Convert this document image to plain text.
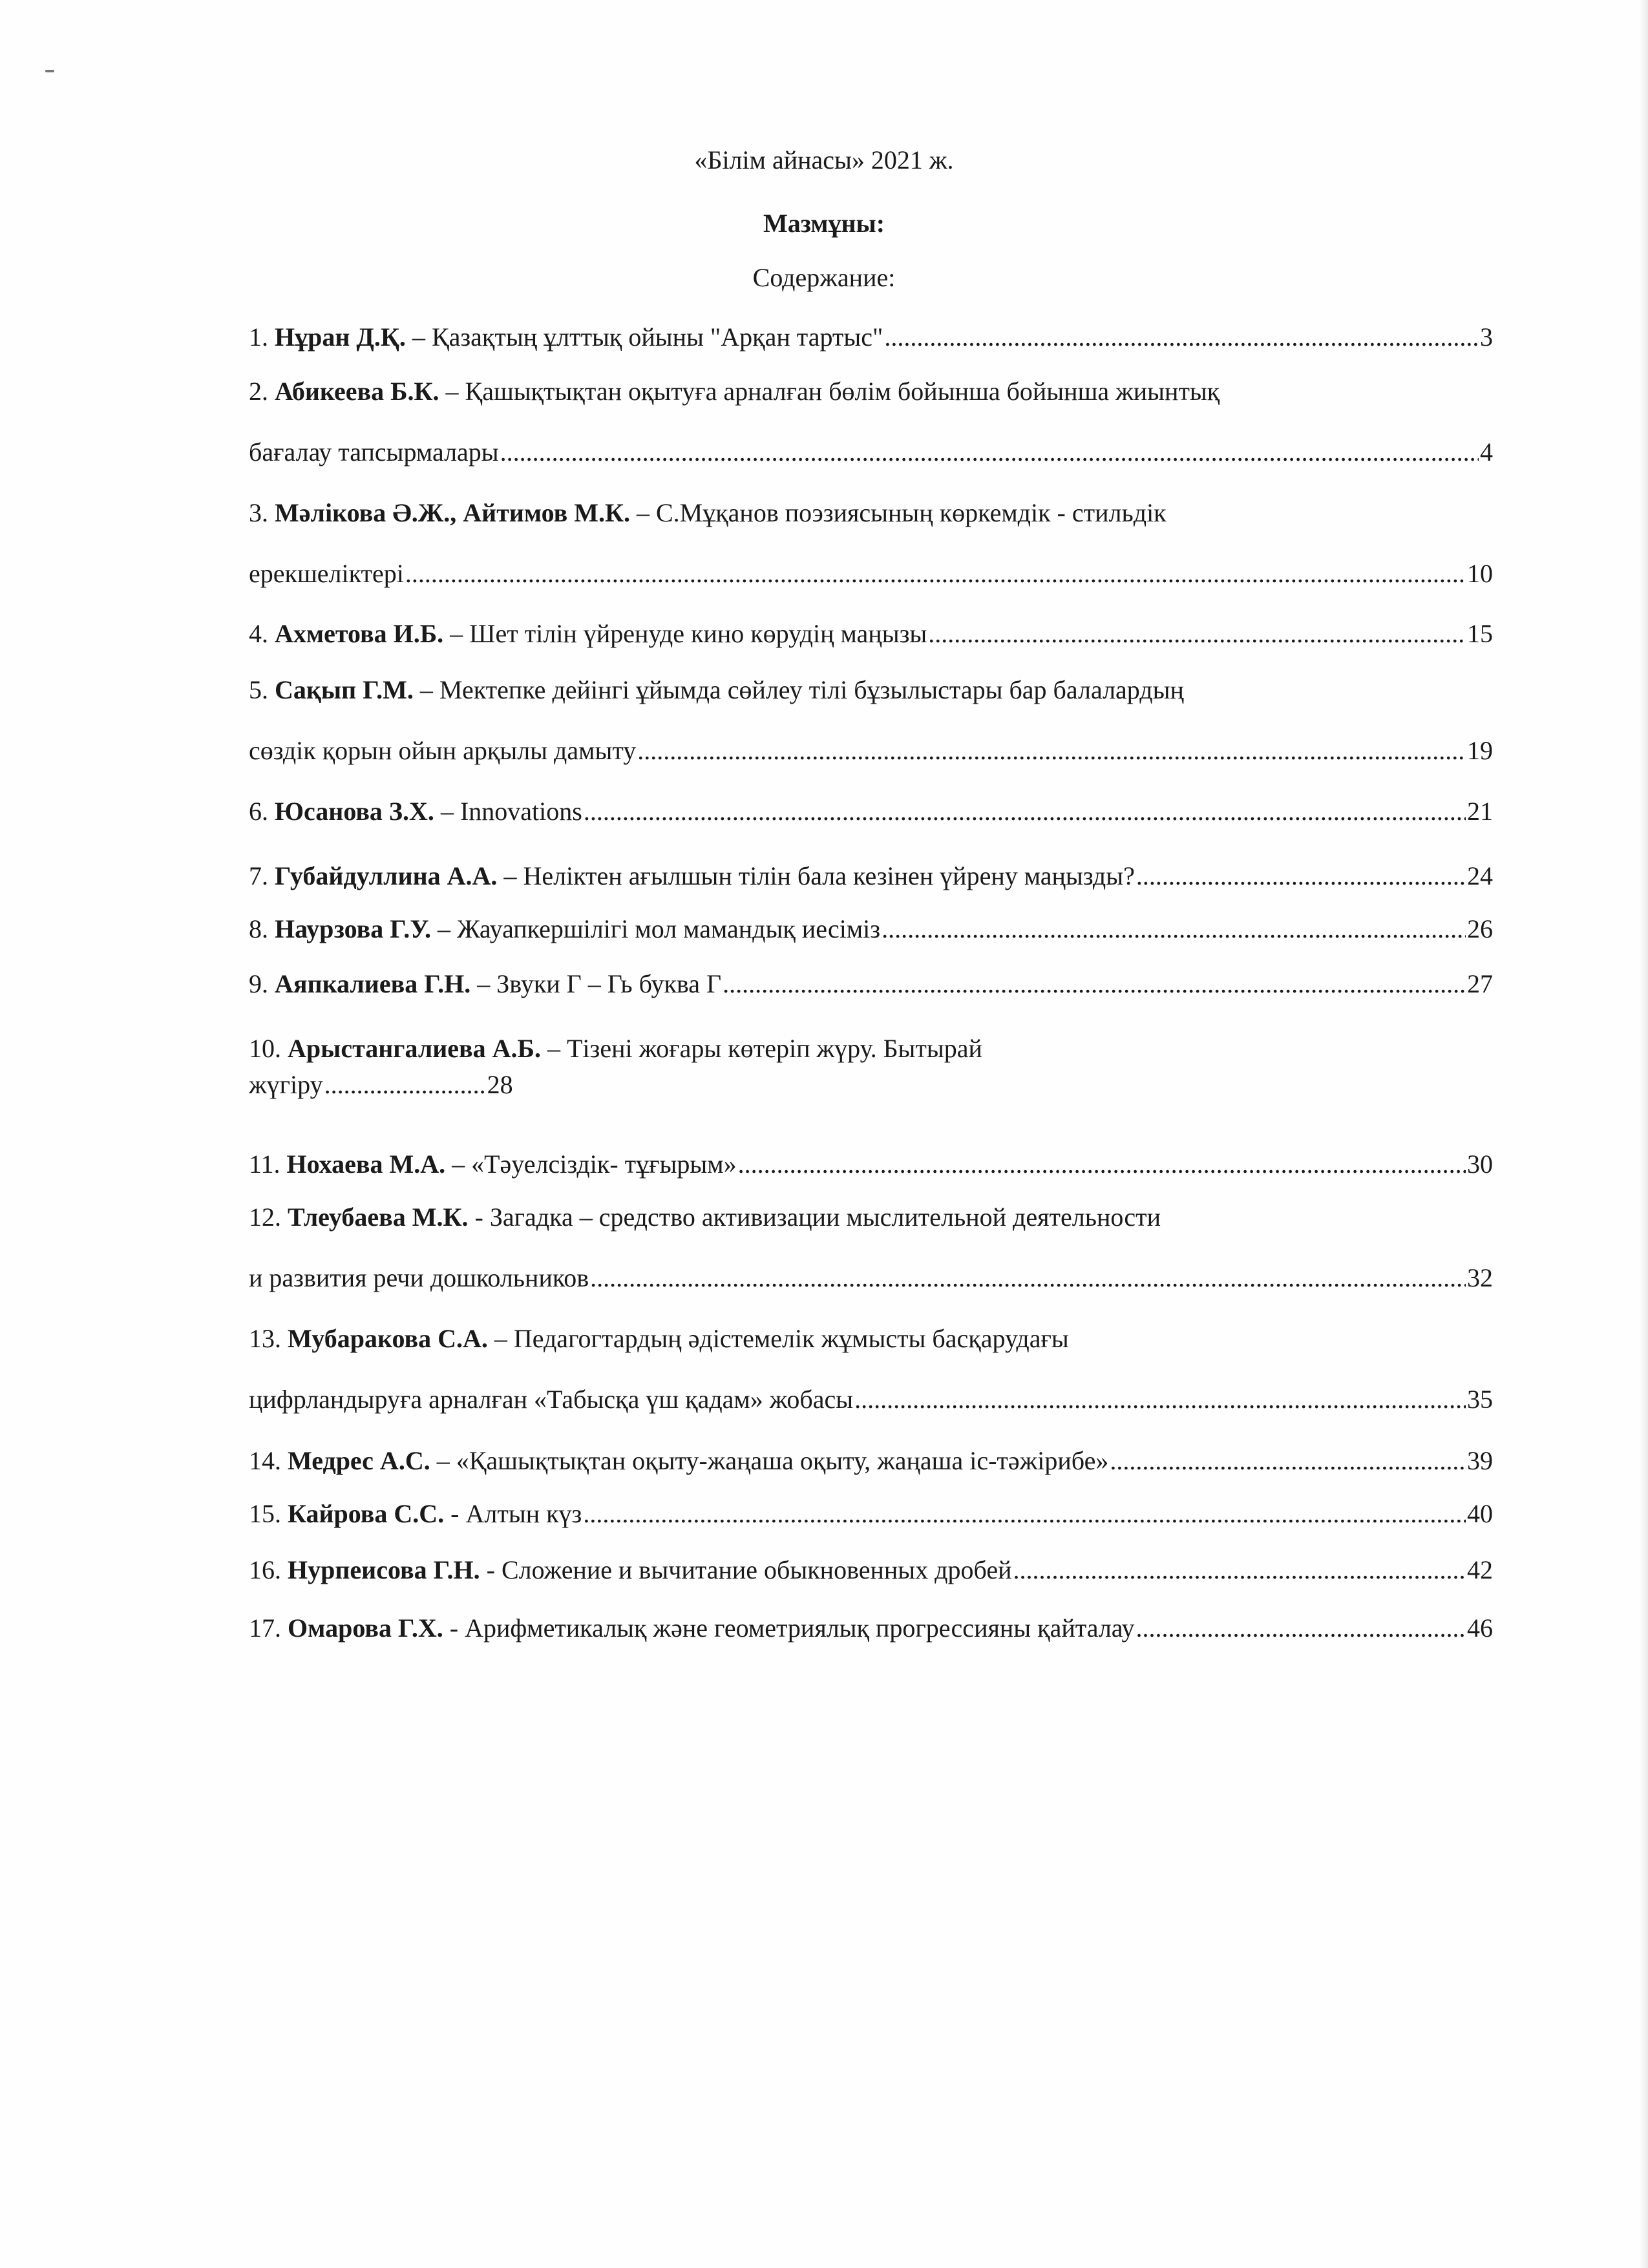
«Білім айнасы» 2021 ж.
Мазмұны:
Содержание:
1. Нұран Д.Қ. – Қазақтың ұлттық ойыны "Арқан тартыс" .....	3
2. Абикеева Б.К. – Қашықтықтан оқытуға арналған бөлім бойынша бойынша жиынтық
бағалау тапсырмалары .....	4
3. Мәлікова Ә.Ж., Айтимов М.К. – С.Мұқанов поэзиясының көркемдік - стильдік
ерекшеліктері .....	10
4. Ахметова И.Б. – Шет тілін үйренуде кино көрудің маңызы .....	15
5. Сақып Г.М. – Мектепке дейінгі ұйымда сөйлеу тілі бұзылыстары бар балалардың
сөздік қорын ойын арқылы дамыту .....	19
6. Юсанова З.Х. – Innovations .....	21
7. Губайдуллина А.А. – Неліктен ағылшын тілін бала кезінен үйрену маңызды? .....	24
8. Наурзова Г.У. – Жауапкершілігі мол мамандық иесіміз .....	26
9. Аяпкалиева Г.Н. – Звуки Г – Гь буква Г .....	27
10. Арыстангалиева А.Б. – Тізені жоғары көтеріп жүру. Бытырай
жүгіру ......................... 28
11. Нохаева М.А. – «Тәуелсіздік- тұғырым» .....	30
12. Тлеубаева М.К. - Загадка – средство активизации мыслительной деятельности
и развития речи дошкольников .....	32
13. Мубаракова С.А. – Педагогтардың әдістемелік жұмысты басқарудағы
цифрландыруға арналған «Табысқа үш қадам» жобасы .....	35
14. Медрес А.С. – «Қашықтықтан оқыту-жаңаша оқыту, жаңаша іс-тәжірибе» .....	39
15. Кайрова С.С. - Алтын күз .....	40
16. Нурпеисова Г.Н. - Сложение и вычитание обыкновенных дробей .....	42
17. Омарова Г.Х. - Арифметикалық және геометриялық прогрессияны қайталау .....	46
